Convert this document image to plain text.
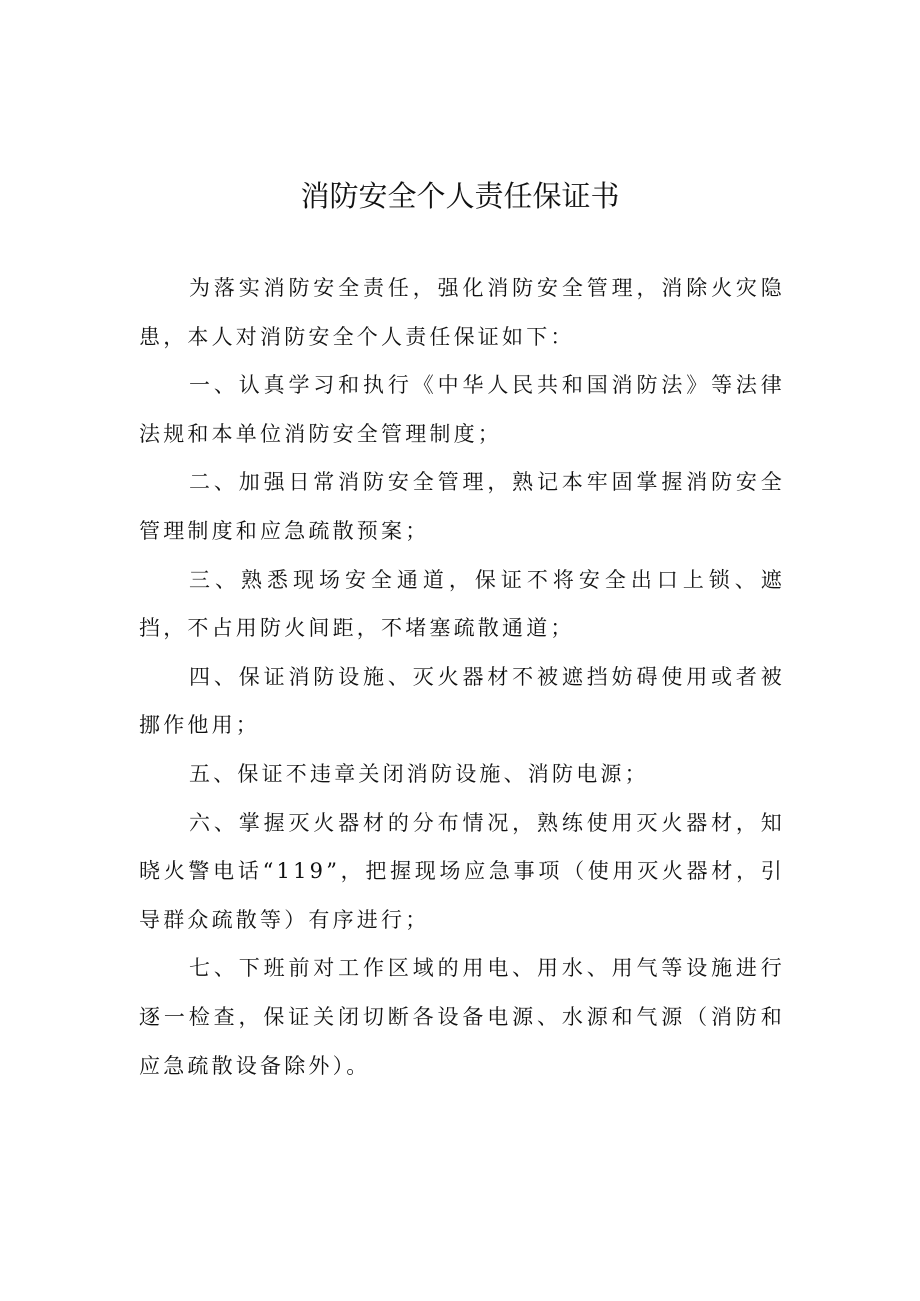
消防安全个人责任保证书

为落实消防安全责任，强化消防安全管理，消除火灾隐患，本人对消防安全个人责任保证如下：

一、认真学习和执行《中华人民共和国消防法》等法律法规和本单位消防安全管理制度；

二、加强日常消防安全管理，熟记本牢固掌握消防安全管理制度和应急疏散预案；

三、熟悉现场安全通道，保证不将安全出口上锁、遮挡，不占用防火间距，不堵塞疏散通道；

四、保证消防设施、灭火器材不被遮挡妨碍使用或者被挪作他用；

五、保证不违章关闭消防设施、消防电源；

六、掌握灭火器材的分布情况，熟练使用灭火器材，知晓火警电话“119”，把握现场应急事项（使用灭火器材，引导群众疏散等）有序进行；

七、下班前对工作区域的用电、用水、用气等设施进行逐一检查，保证关闭切断各设备电源、水源和气源（消防和应急疏散设备除外）。
